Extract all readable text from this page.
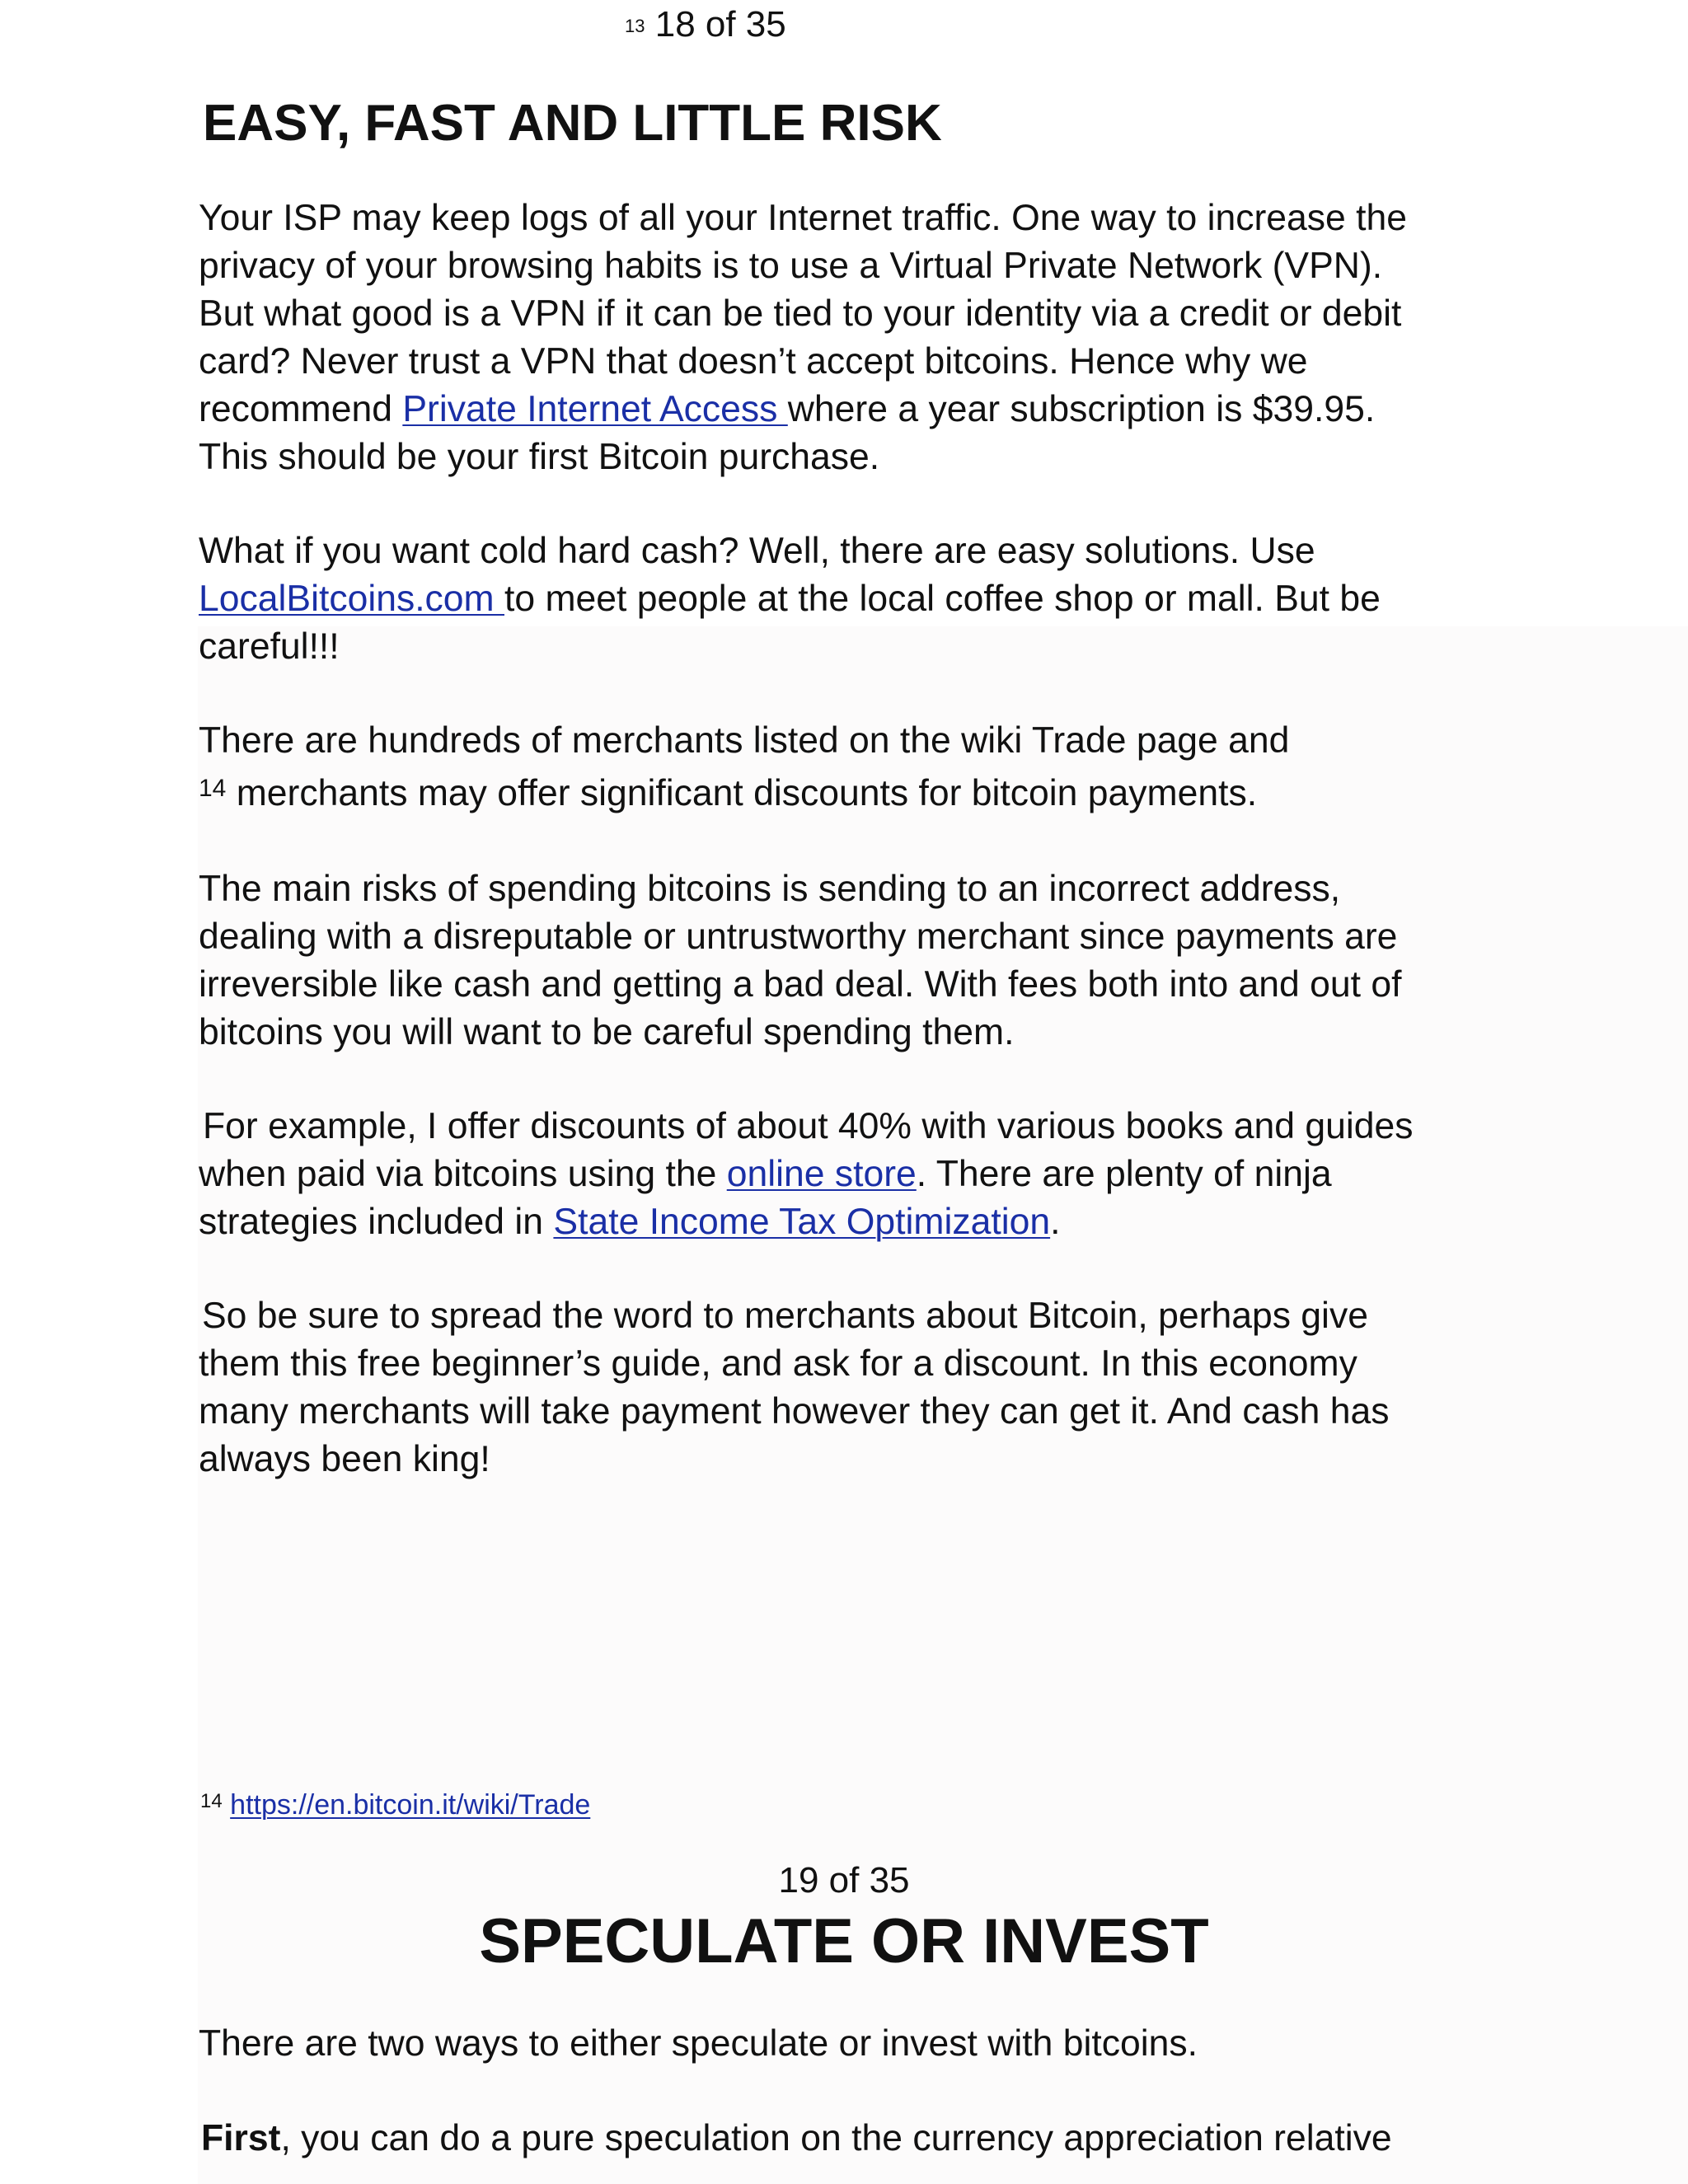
$^{13}$ 18 of 35
EASY, FAST AND LITTLE RISK
Your ISP may keep logs of all your Internet traffic. One way to increase the
privacy of your browsing habits is to use a Virtual Private Network (VPN).
But what good is a VPN if it can be tied to your identity via a credit or debit
card? Never trust a VPN that doesn’t accept bitcoins. Hence why we
recommend Private Internet Access where a year subscription is $39.95.
This should be your first Bitcoin purchase.
What if you want cold hard cash? Well, there are easy solutions. Use
LocalBitcoins.com to meet people at the local coffee shop or mall. But be
careful!!!
There are hundreds of merchants listed on the wiki Trade page and
$^{14}$ merchants may offer significant discounts for bitcoin payments.
The main risks of spending bitcoins is sending to an incorrect address,
dealing with a disreputable or untrustworthy merchant since payments are
irreversible like cash and getting a bad deal. With fees both into and out of
bitcoins you will want to be careful spending them.
For example, I offer discounts of about 40% with various books and guides
when paid via bitcoins using the online store. There are plenty of ninja
strategies included in State Income Tax Optimization.
So be sure to spread the word to merchants about Bitcoin, perhaps give
them this free beginner’s guide, and ask for a discount. In this economy
many merchants will take payment however they can get it. And cash has
always been king!
$^{14}$ https://en.bitcoin.it/wiki/Trade
19 of 35
SPECULATE OR INVEST
There are two ways to either speculate or invest with bitcoins.
First, you can do a pure speculation on the currency appreciation relative
